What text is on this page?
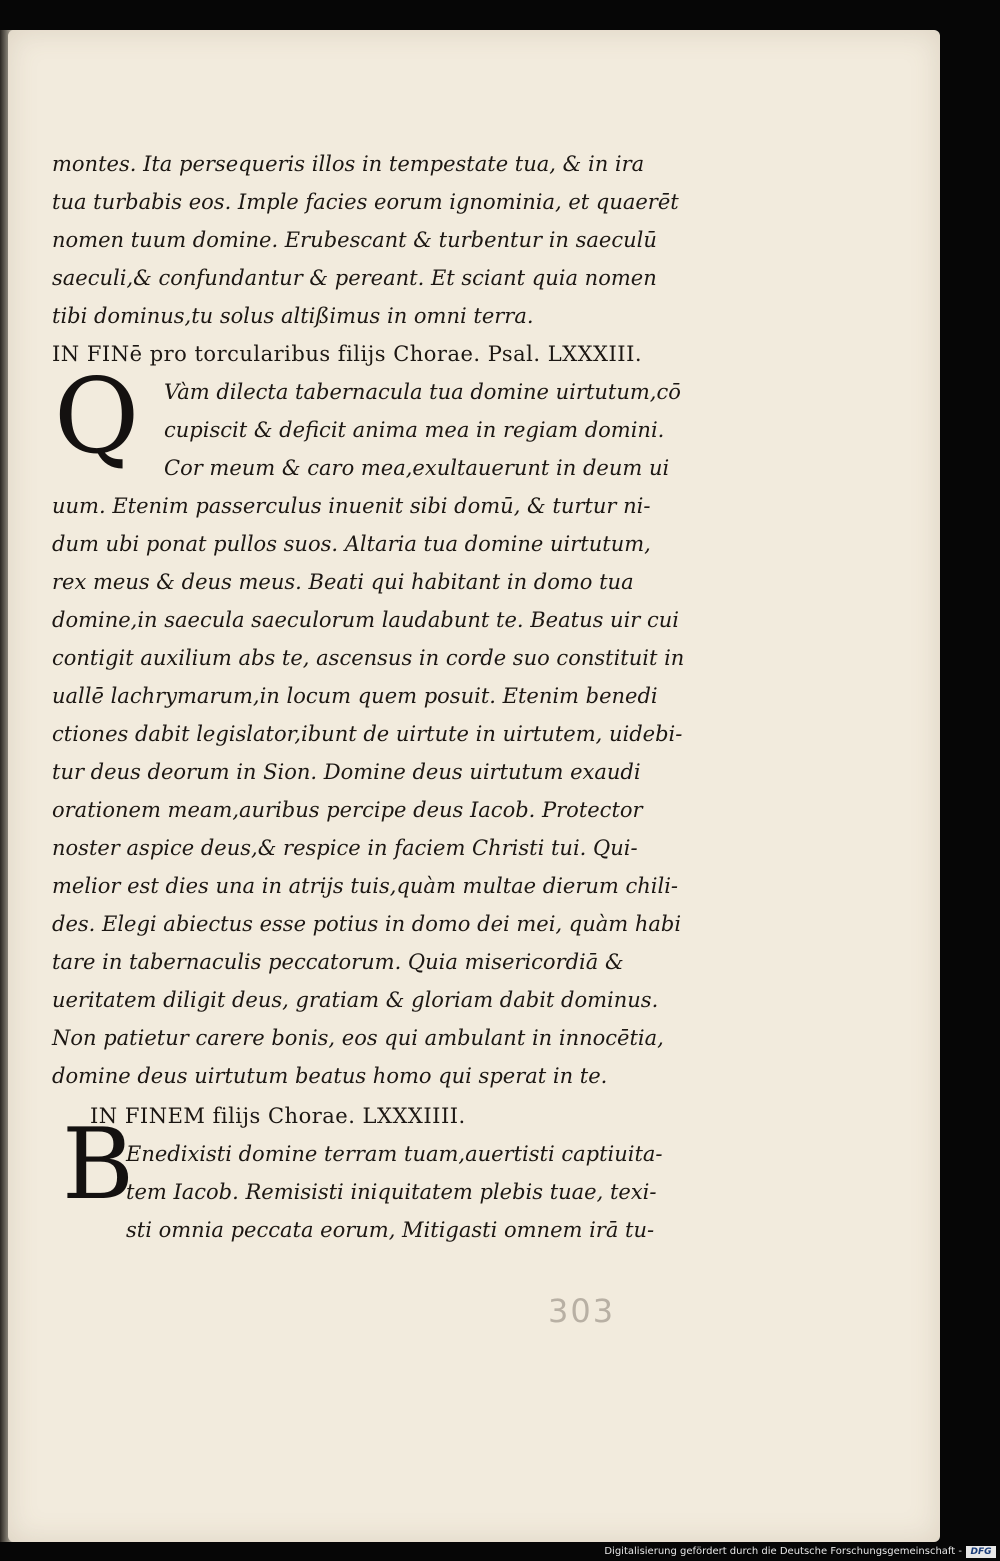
montes. Ita persequeris illos in tempestate tua, & in ira
tua turbabis eos. Imple facies eorum ignominia, et quaerēt
nomen tuum domine. Erubescant & turbentur in saeculū
saeculi,& confundantur & pereant. Et sciant quia nomen
tibi dominus,tu solus altißimus in omni terra.
IN FINē pro torcularibus filijs Chorae. Psal. LXXXIII.
Q Vàm dilecta tabernacula tua domine uirtutum,cō
cupiscit & deficit anima mea in regiam domini.
Cor meum & caro mea,exultauerunt in deum ui
uum. Etenim passerculus inuenit sibi domū, & turtur ni-
dum ubi ponat pullos suos. Altaria tua domine uirtutum,
rex meus & deus meus. Beati qui habitant in domo tua
domine,in saecula saeculorum laudabunt te. Beatus uir cui
contigit auxilium abs te, ascensus in corde suo constituit in
uallē lachrymarum,in locum quem posuit. Etenim benedi
ctiones dabit legislator,ibunt de uirtute in uirtutem, uidebi-
tur deus deorum in Sion. Domine deus uirtutum exaudi
orationem meam,auribus percipe deus Iacob. Protector
noster aspice deus,& respice in faciem Christi tui. Qui-
melior est dies una in atrijs tuis,quàm multae dierum chili-
des. Elegi abiectus esse potius in domo dei mei, quàm habi
tare in tabernaculis peccatorum. Quia misericordiā &
ueritatem diligit deus, gratiam & gloriam dabit dominus.
Non patietur carere bonis, eos qui ambulant in innocētia,
domine deus uirtutum beatus homo qui sperat in te.
IN FINEM filijs Chorae. LXXXIIII.
B
Enedixisti domine terram tuam,auertisti captiuita-
tem Iacob. Remisisti iniquitatem plebis tuae, texi-
sti omnia peccata eorum, Mitigasti omnem irā tu-
303
Digitalisierung gefördert durch die Deutsche Forschungsgemeinschaft - DFG
